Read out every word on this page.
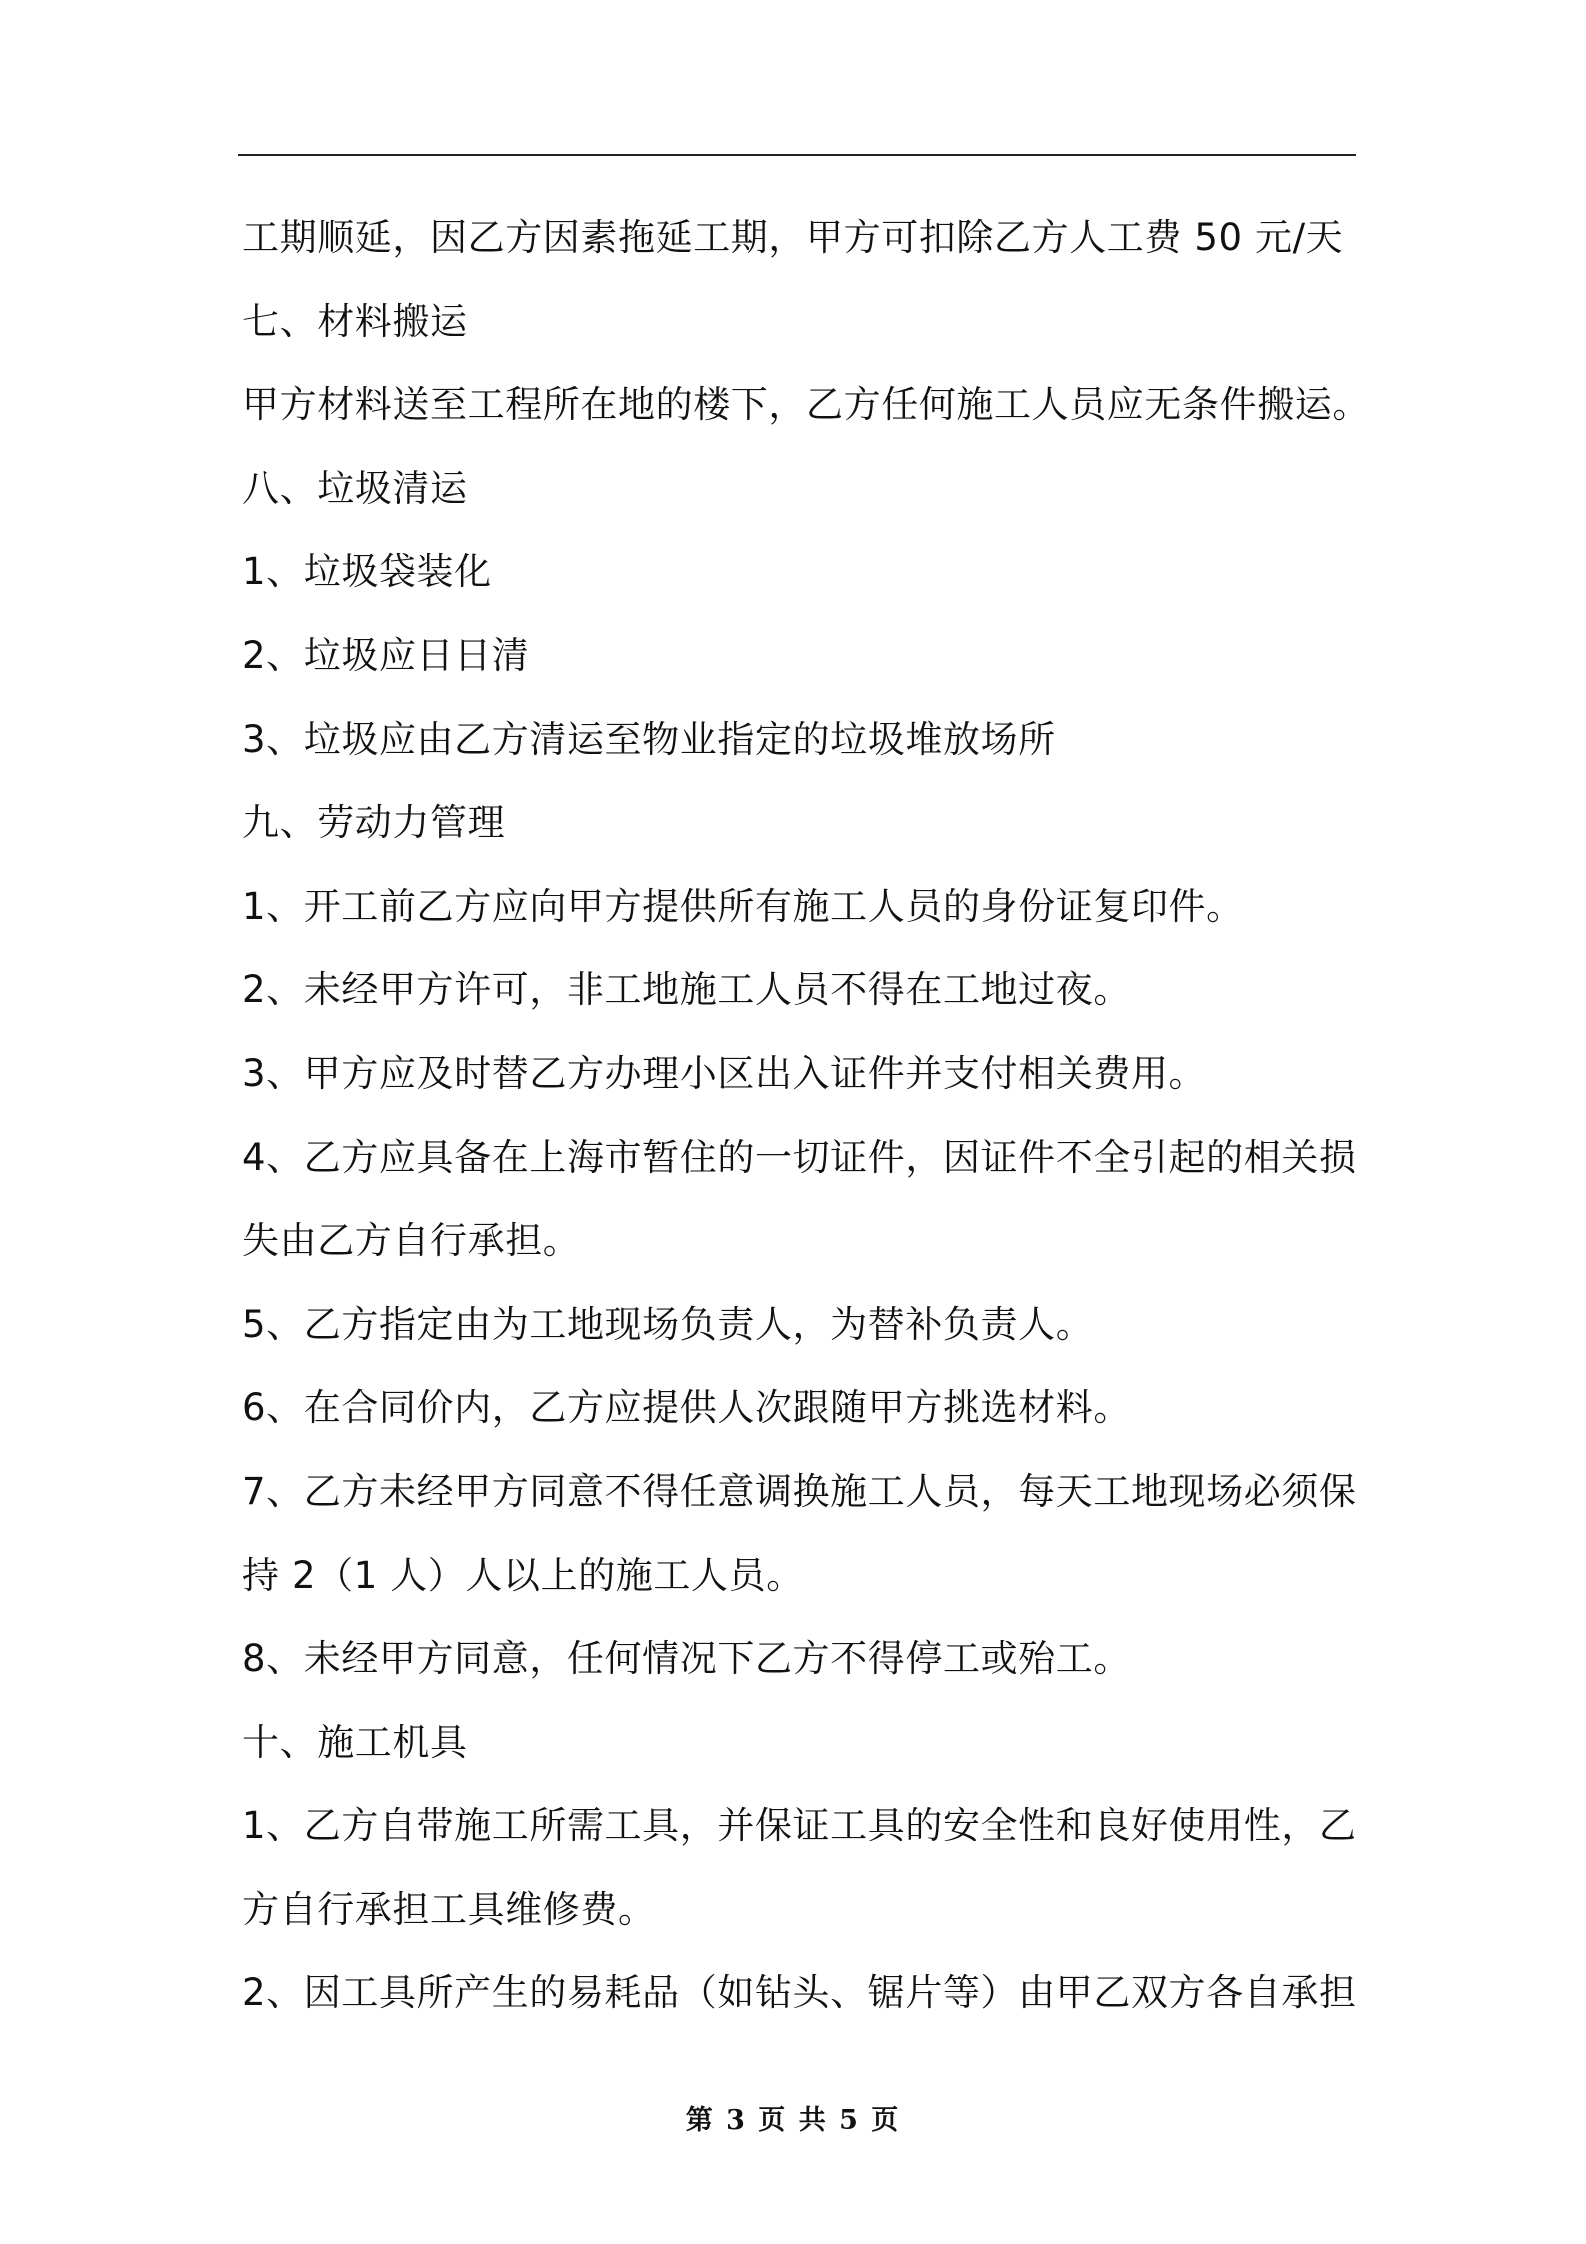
工期顺延，因乙方因素拖延工期，甲方可扣除乙方人工费 50 元/天
七、材料搬运
甲方材料送至工程所在地的楼下，乙方任何施工人员应无条件搬运。
八、垃圾清运
1、垃圾袋装化
2、垃圾应日日清
3、垃圾应由乙方清运至物业指定的垃圾堆放场所
九、劳动力管理
1、开工前乙方应向甲方提供所有施工人员的身份证复印件。
2、未经甲方许可，非工地施工人员不得在工地过夜。
3、甲方应及时替乙方办理小区出入证件并支付相关费用。
4、乙方应具备在上海市暂住的一切证件，因证件不全引起的相关损
失由乙方自行承担。
5、乙方指定由为工地现场负责人，为替补负责人。
6、在合同价内，乙方应提供人次跟随甲方挑选材料。
7、乙方未经甲方同意不得任意调换施工人员，每天工地现场必须保
持 2（1 人）人以上的施工人员。
8、未经甲方同意，任何情况下乙方不得停工或殆工。
十、施工机具
1、乙方自带施工所需工具，并保证工具的安全性和良好使用性，乙
方自行承担工具维修费。
2、因工具所产生的易耗品（如钻头、锯片等）由甲乙双方各自承担
第 3 页 共 5 页
